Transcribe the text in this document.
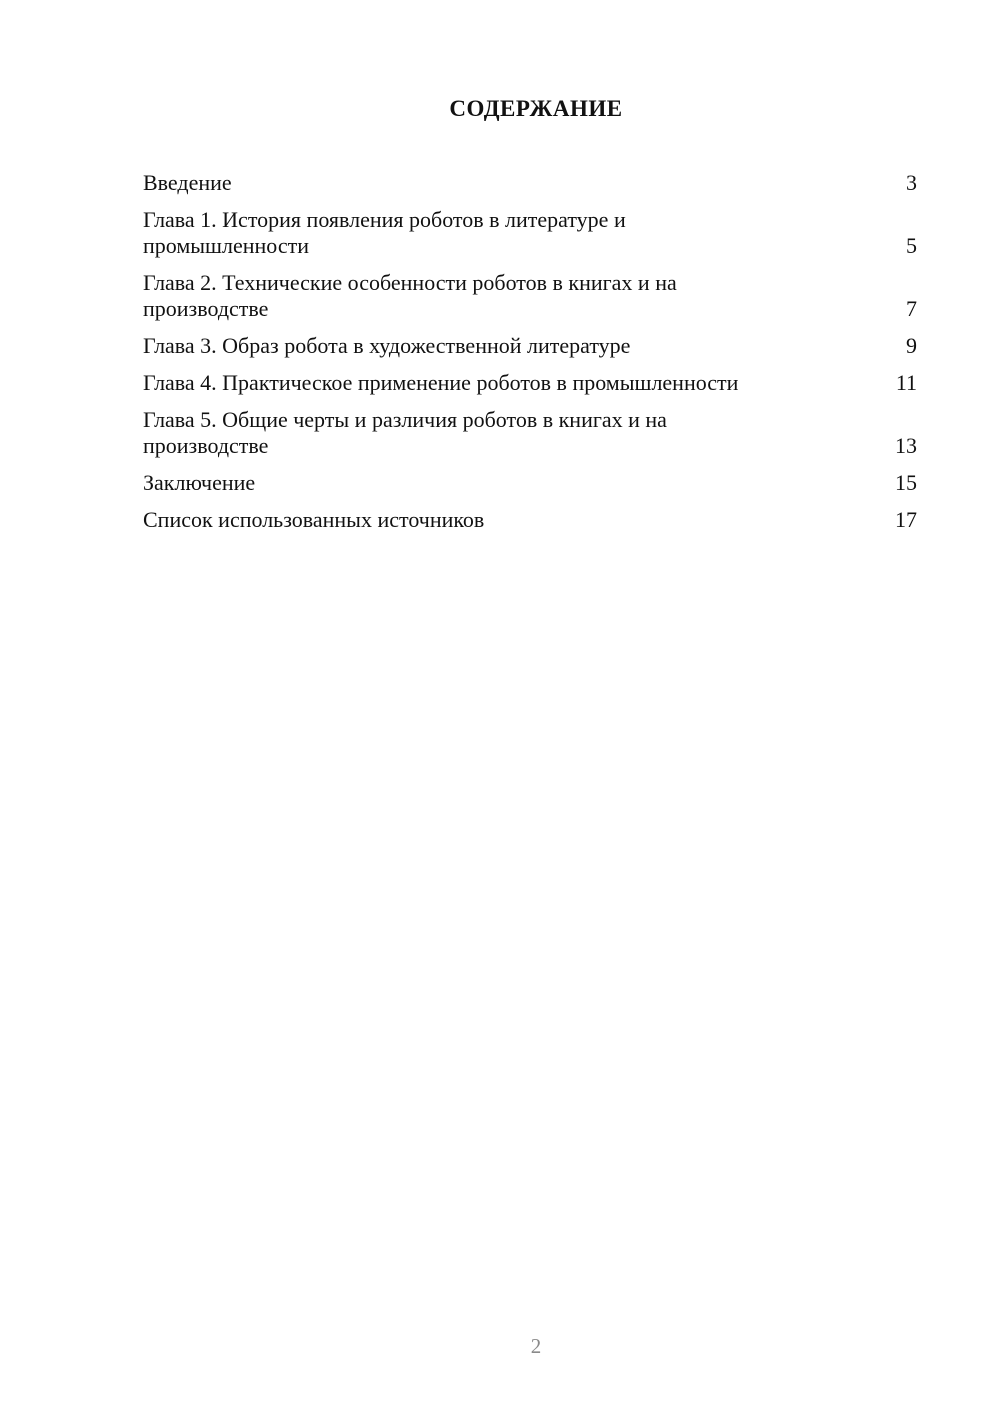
СОДЕРЖАНИЕ
Введение	3
Глава 1. История появления роботов в литературе и промышленности	5
Глава 2. Технические особенности роботов в книгах и на производстве	7
Глава 3. Образ робота в художественной литературе	9
Глава 4. Практическое применение роботов в промышленности	11
Глава 5. Общие черты и различия роботов в книгах и на производстве	13
Заключение	15
Список использованных источников	17
2
